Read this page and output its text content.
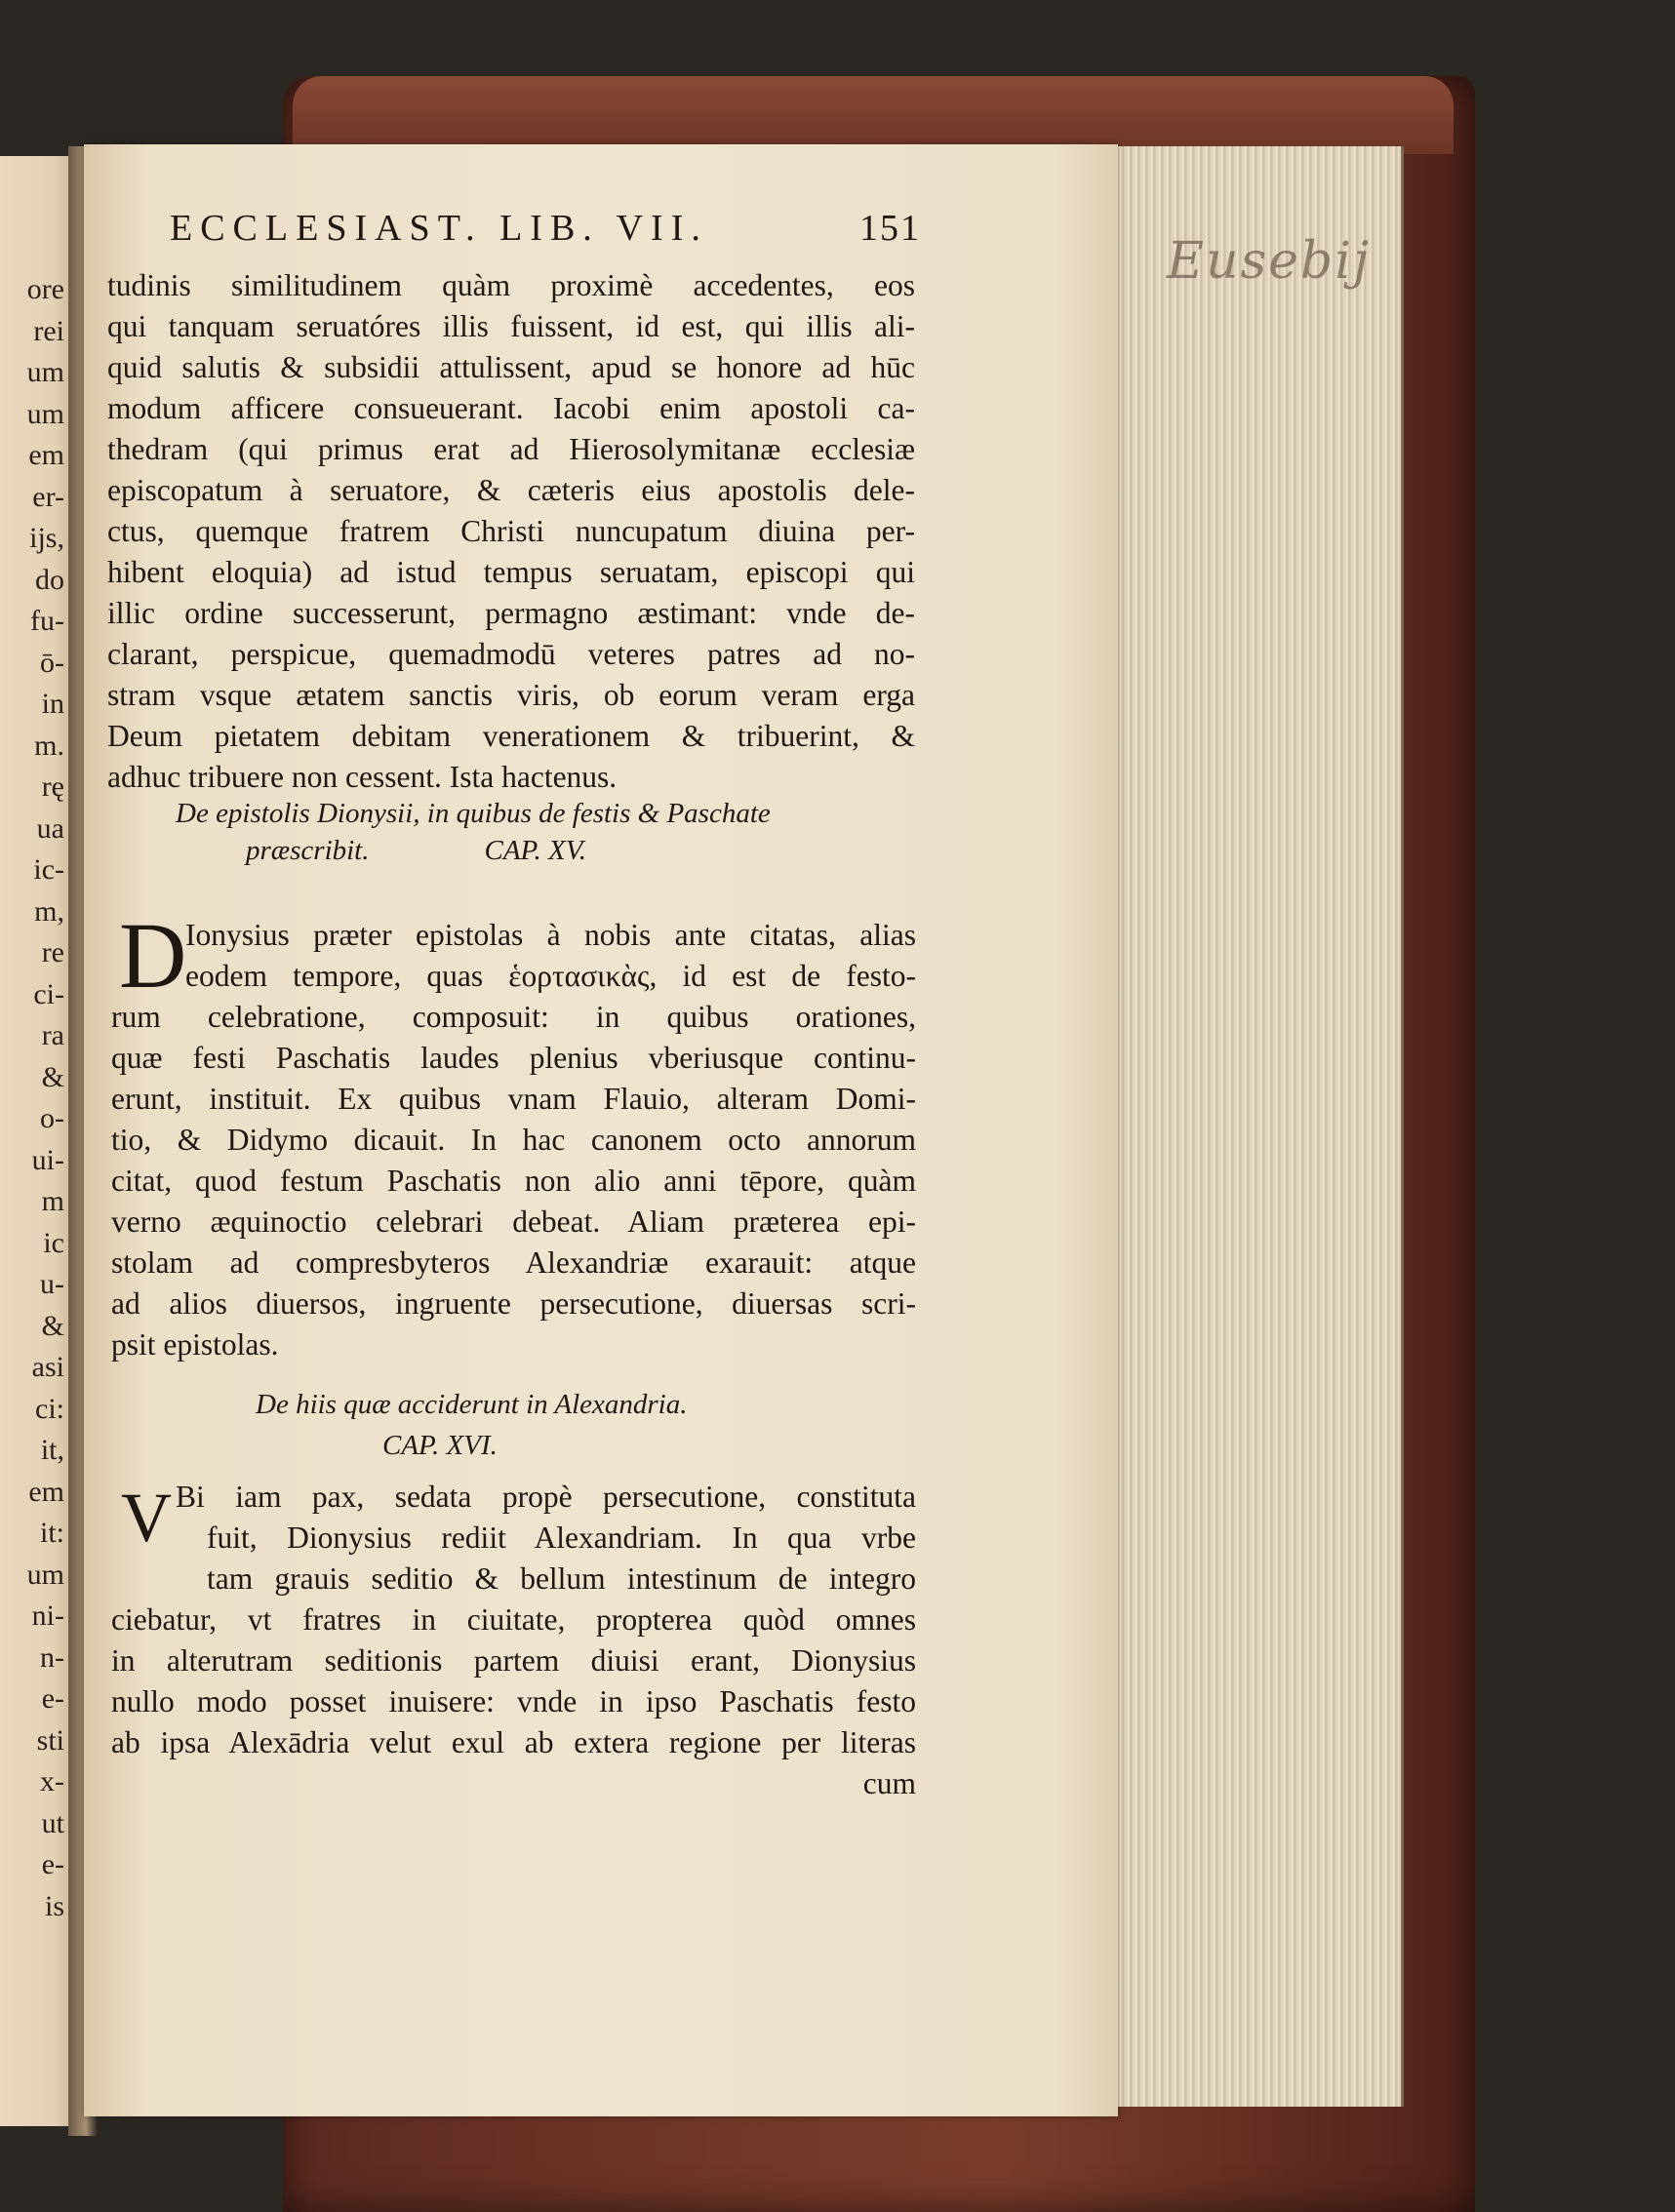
ore
rei
um
um
em
er-
ijs,
do
fu-
ō-
in
m.
rę
ua
ic-
m,
re
ci-
ra
&
o-
ui-
m
ic
u-
&
asi
ci:
it,
em
it:
um
ni-
n-
e-
sti
x-
ut
e-
is
Eusebij
ECCLESIAST. LIB. VII.	151
tudinis similitudinem quàm proximè accedentes, eos
qui tanquam seruatóres illis fuissent, id est, qui illis ali-
quid salutis & subsidii attulissent, apud se honore ad hūc
modum afficere consueuerant. Iacobi enim apostoli ca-
thedram (qui primus erat ad Hierosolymitanæ ecclesiæ
episcopatum à seruatore, & cæteris eius apostolis dele-
ctus, quemque fratrem Christi nuncupatum diuina per-
hibent eloquia) ad istud tempus seruatam, episcopi qui
illic ordine successerunt, permagno æstimant: vnde de-
clarant, perspicue, quemadmodū veteres patres ad no-
stram vsque ætatem sanctis viris, ob eorum veram erga
Deum pietatem debitam venerationem & tribuerint, &
adhuc tribuere non cessent. Ista hactenus.
De epistolis Dionysii, in quibus de festis & Paschate
præscribit.	CAP. XV.
D
Ionysius præter epistolas à nobis ante citatas, alias
eodem tempore, quas ἑορτασικὰς, id est de festo-
rum celebratione, composuit: in quibus orationes,
quæ festi Paschatis laudes plenius vberiusque continu-
erunt, instituit. Ex quibus vnam Flauio, alteram Domi-
tio, & Didymo dicauit. In hac canonem octo annorum
citat, quod festum Paschatis non alio anni tēpore, quàm
verno æquinoctio celebrari debeat. Aliam prӕterea epi-
stolam ad compresbyteros Alexandriæ exarauit: atque
ad alios diuersos, ingruente persecutione, diuersas scri-
psit epistolas.
De hiis quæ acciderunt in Alexandria.
CAP. XVI.
V Bi iam pax, sedata propè persecutione, constituta
fuit, Dionysius rediit Alexandriam. In qua vrbe
tam grauis seditio & bellum intestinum de integro
ciebatur, vt fratres in ciuitate, propterea quòd omnes
in alterutram seditionis partem diuisi erant, Dionysius
nullo modo posset inuisere: vnde in ipso Paschatis festo
ab ipsa Alexādria velut exul ab extera regione per literas
cum
